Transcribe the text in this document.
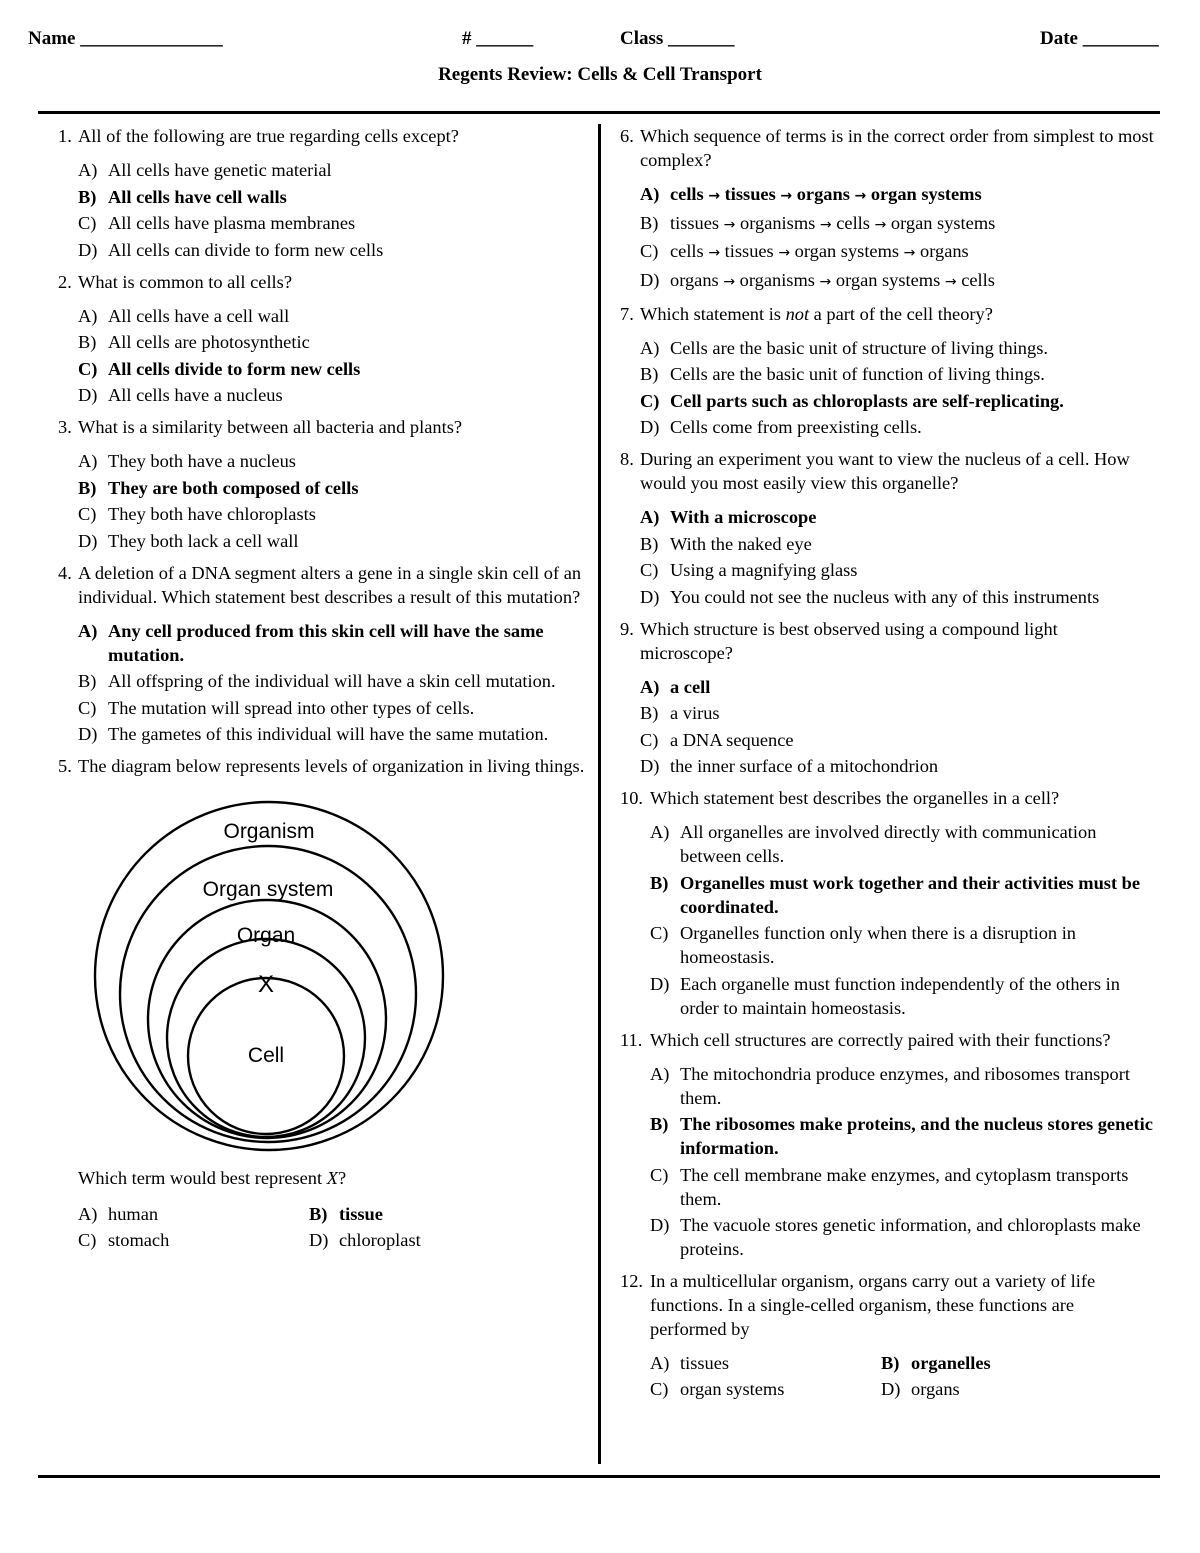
Name _______________	# ______	Class _______	Date ________
Regents Review: Cells & Cell Transport
1. All of the following are true regarding cells except?
A) All cells have genetic material
B) All cells have cell walls
C) All cells have plasma membranes
D) All cells can divide to form new cells
2. What is common to all cells?
A) All cells have a cell wall
B) All cells are photosynthetic
C) All cells divide to form new cells
D) All cells have a nucleus
3. What is a similarity between all bacteria and plants?
A) They both have a nucleus
B) They are both composed of cells
C) They both have chloroplasts
D) They both lack a cell wall
4. A deletion of a DNA segment alters a gene in a single skin cell of an individual. Which statement best describes a result of this mutation?
A) Any cell produced from this skin cell will have the same mutation.
B) All offspring of the individual will have a skin cell mutation.
C) The mutation will spread into other types of cells.
D) The gametes of this individual will have the same mutation.
5. The diagram below represents levels of organization in living things.
Organism
Organ system
Organ
X
Cell
Which term would best represent X?
A) human	B) tissue
C) stomach	D) chloroplast
6. Which sequence of terms is in the correct order from simplest to most complex?
A) cells → tissues → organs → organ systems
B) tissues → organisms → cells → organ systems
C) cells → tissues → organ systems → organs
D) organs → organisms → organ systems → cells
7. Which statement is not a part of the cell theory?
A) Cells are the basic unit of structure of living things.
B) Cells are the basic unit of function of living things.
C) Cell parts such as chloroplasts are self-replicating.
D) Cells come from preexisting cells.
8. During an experiment you want to view the nucleus of a cell. How would you most easily view this organelle?
A) With a microscope
B) With the naked eye
C) Using a magnifying glass
D) You could not see the nucleus with any of this instruments
9. Which structure is best observed using a compound light microscope?
A) a cell
B) a virus
C) a DNA sequence
D) the inner surface of a mitochondrion
10. Which statement best describes the organelles in a cell?
A) All organelles are involved directly with communication between cells.
B) Organelles must work together and their activities must be coordinated.
C) Organelles function only when there is a disruption in homeostasis.
D) Each organelle must function independently of the others in order to maintain homeostasis.
11. Which cell structures are correctly paired with their functions?
A) The mitochondria produce enzymes, and ribosomes transport them.
B) The ribosomes make proteins, and the nucleus stores genetic information.
C) The cell membrane make enzymes, and cytoplasm transports them.
D) The vacuole stores genetic information, and chloroplasts make proteins.
12. In a multicellular organism, organs carry out a variety of life functions. In a single-celled organism, these functions are performed by
A) tissues	B) organelles
C) organ systems	D) organs
